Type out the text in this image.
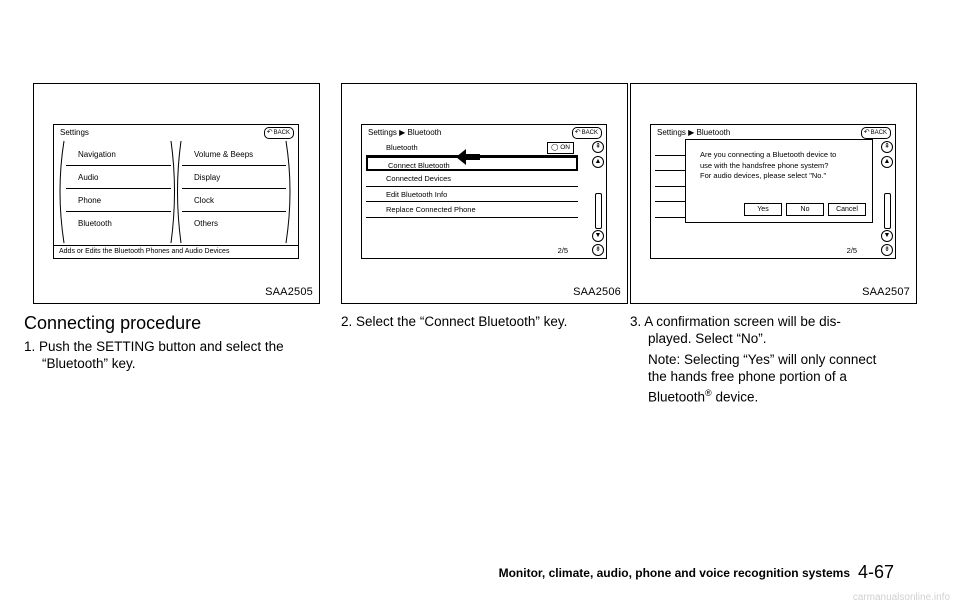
Settings	↶ BACK
Navigation
Audio
Phone
Bluetooth
Volume & Beeps
Display
Clock
Others
Adds or Edits the Bluetooth Phones and Audio Devices
SAA2505
Settings ▶ Bluetooth	↶ BACK
Bluetooth	◯ ON
Connect Bluetooth
Connected Devices
Edit Bluetooth Info
Replace Connected Phone
⇞
▲
▼
⇟
2/5
SAA2506
Settings ▶ Bluetooth	↶ BACK
Are you connecting a Bluetooth device to
use with the handsfree phone system?
For audio devices, please select "No."
Yes	No	Cancel
⇞
▲
▼
⇟
2/5
SAA2507
Connecting procedure
1. Push the SETTING button and select the
“Bluetooth” key.
2. Select the “Connect Bluetooth” key.	3. A confirmation screen will be dis-
played. Select “No”.
Note: Selecting “Yes” will only connect
the hands free phone portion of a
Bluetooth® device.
Monitor, climate, audio, phone and voice recognition systems 4-67
carmanualsonline.info
